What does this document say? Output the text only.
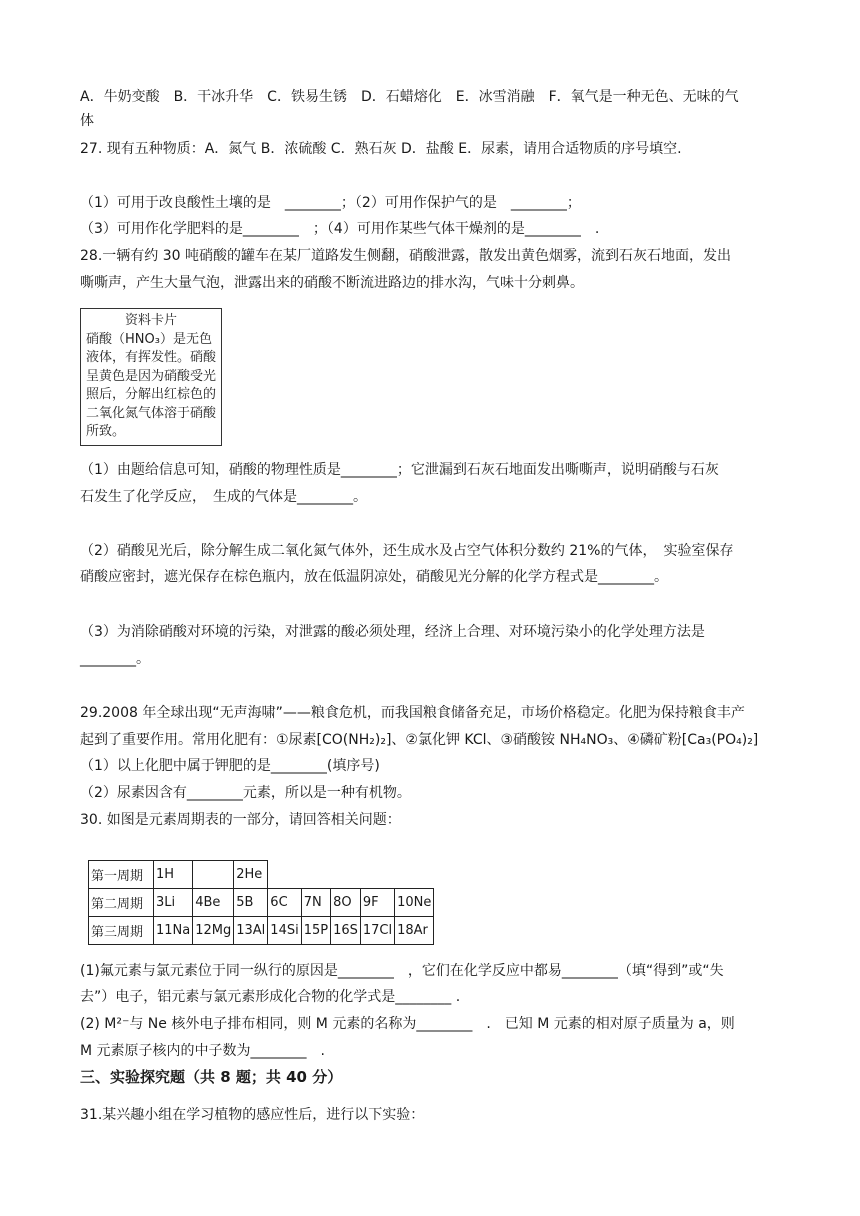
A．牛奶变酸　B．干冰升华　C．铁易生锈　D．石蜡熔化　E．冰雪消融　F．氧气是一种无色、无味的气
体
27. 现有五种物质：A．氮气 B．浓硫酸 C．熟石灰 D．盐酸 E．尿素，请用合适物质的序号填空.
（1）可用于改良酸性土壤的是　________；（2）可用作保护气的是　________；
（3）可用作化学肥料的是________　；（4）可用作某些气体干燥剂的是________　.
28.一辆有约 30 吨硝酸的罐车在某厂道路发生侧翻，硝酸泄露，散发出黄色烟雾，流到石灰石地面，发出
嘶嘶声，产生大量气泡，泄露出来的硝酸不断流进路边的排水沟，气味十分刺鼻。
资料卡片
硝酸（HNO₃）是无色液体，有挥发性。硝酸呈黄色是因为硝酸受光照后，分解出红棕色的二氧化氮气体溶于硝酸所致。
（1）由题给信息可知，硝酸的物理性质是________；它泄漏到石灰石地面发出嘶嘶声，说明硝酸与石灰
石发生了化学反应，　生成的气体是________。
（2）硝酸见光后，除分解生成二氧化氮气体外，还生成水及占空气体积分数约 21%的气体，　实验室保存
硝酸应密封，遮光保存在棕色瓶内，放在低温阴凉处，硝酸见光分解的化学方程式是________。
（3）为消除硝酸对环境的污染，对泄露的酸必须处理，经济上合理、对环境污染小的化学处理方法是
________。
29.2008 年全球出现“无声海啸”——粮食危机，而我国粮食储备充足，市场价格稳定。化肥为保持粮食丰产
起到了重要作用。常用化肥有：①尿素[CO(NH₂)₂]、②氯化钾 KCl、③硝酸铵 NH₄NO₃、④磷矿粉[Ca₃(PO₄)₂]
（1）以上化肥中属于钾肥的是________(填序号)
（2）尿素因含有________元素，所以是一种有机物。
30. 如图是元素周期表的一部分，请回答相关问题：
第一周期	1H		2He					
第二周期	3Li	4Be	5B	6C	7N	8O	9F	10Ne
第三周期	11Na	12Mg	13Al	14Si	15P	16S	17Cl	18Ar
(1)氟元素与氯元素位于同一纵行的原因是________　，它们在化学反应中都易________（填“得到”或“失
去”）电子，铝元素与氯元素形成化合物的化学式是________ .
(2) M²⁻与 Ne 核外电子排布相同，则 M 元素的名称为________　.　已知 M 元素的相对原子质量为 a，则
M 元素原子核内的中子数为________　.
三、实验探究题（共 8 题；共 40 分）
31.某兴趣小组在学习植物的感应性后，进行以下实验：
